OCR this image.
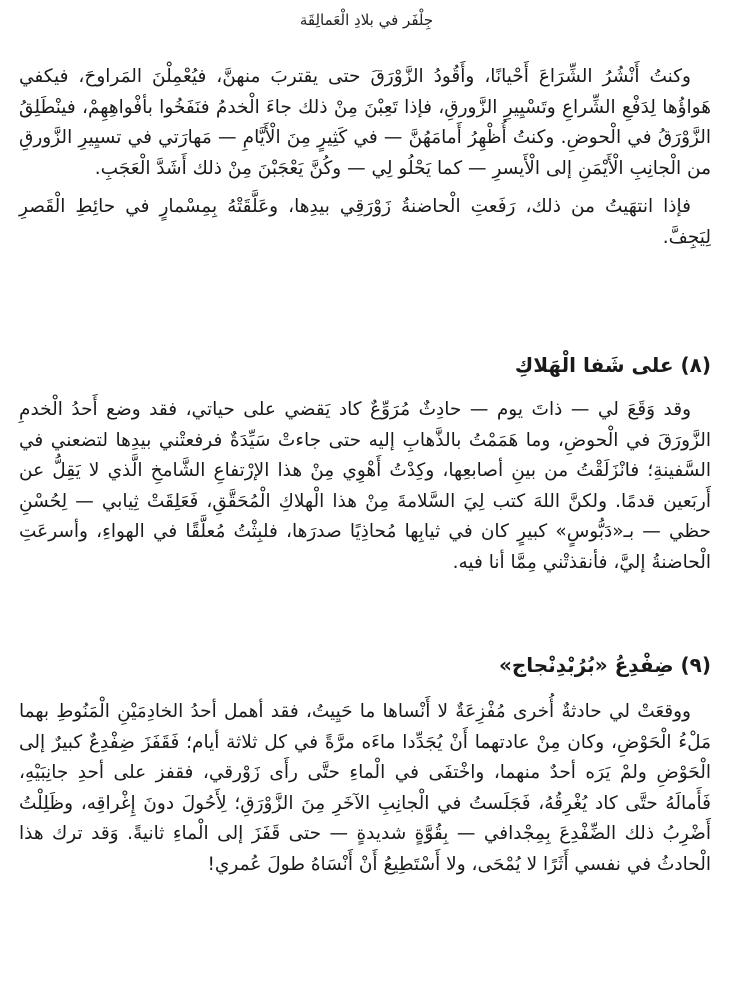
جِلْفَر في بلادِ الْعَمالِقَة

وكنتُ أَنْشُرُ الشِّرَاعَ أَحْيانًا، وأَقُودُ الزَّوْرَقَ حتى يقتربَ منهنَّ، فيُعْمِلْنَ المَراوحَ، فيكفي هَواؤُها لِدَفْعِ الشِّراعِ وتَسْيِيرِ الزَّورقِ، فإذا تَعِبْنَ مِنْ ذلك جاءَ الْخدمُ فنَفَخُوا بأفْواهِهِمْ، فينْطَلِقُ الزَّوْرَقُ في الْحوضِ. وكنتُ أُظْهِرُ أَمامَهُنَّ — في كَثِيرٍ مِنَ الْأَيَّامِ — مَهارَتي في تسيِيرِ الزَّورقِ من الْجانِبِ الْأَيْمَنِ إلى الْأَيسرِ — كما يَحْلُو لِي — وكُنَّ يَعْجَبْنَ مِنْ ذلك أَشَدَّ الْعَجَبِ.

فإذا انتهَيتُ من ذلك، رَفَعتِ الْحاضنةُ زَوْرَقِي بيدِها، وعَلَّقَتْهُ بِمِسْمارٍ في حائِطِ الْقَصرِ لِيَجِفَّ.

(٨) على شَفا الْهَلاكِ

وقد وَقَعَ لي — ذاتَ يوم — حادِثٌ مُرَوِّعٌ كاد يَقضي على حياتي، فقد وضع أَحدُ الْخدمِ الزَّورَقَ في الْحوضِ، وما هَمَمْتُ بالذَّهابِ إليه حتى جاءتْ سَيِّدَةٌ فرفعتْني بيدِها لتضعني في السَّفينةِ؛ فانْزَلَقْتُ من بينِ أصابعِها، وكِدْتُ أَهْوِي مِنْ هذا الإرْتفاعِ الشَّامخِ الَّذي لا يَقِلُّ عن أَربَعين قدمًا. ولكنَّ اللهَ كتب لِيَ السَّلامةَ مِنْ هذا الْهلاكِ الْمُحَقَّقِ، فَعَلِقَتْ ثِيابي — لِحُسْنِ حظي — بـ«دَبُّوسٍ» كبيرٍ كان في ثيابِها مُحاذِيًا صدرَها، فلبِثْتُ مُعلَّقًا في الهواءِ، وأسرعَتِ الْحاضنةُ إليَّ، فأنقذتْني مِمَّا أنا فيه.

(٩) ضِفْدِعُ «بُرُبْدِنْجاج»

ووقعَتْ لي حادثةٌ أُخرى مُفْزِعَةٌ لا أَنْساها ما حَيِيتُ، فقد أهمل أحدُ الخادِمَيْنِ الْمَنُوطِ بهما مَلْءُ الْحَوْضِ، وكان مِنْ عادتهما أَنْ يُجَدِّدا ماءَه مرَّةً في كل ثلاثة أيام؛ فَقَفَزَ ضِفْدِعٌ كبيرٌ إلى الْحَوْضِ ولمْ يَرَه أحدٌ منهما، واخْتفَى في الْماءِ حتَّى رأَى زَوْرقي، فقفز على أحدِ جانِبَيْهِ، فَأَمالَهُ حتَّى كاد يُغْرِقُهُ، فَجَلَستُ في الْجانِبِ الآخَرِ مِنَ الزَّوْرَقِ؛ لِأَحُولَ دونَ إِغْراقِه، وظَلِلْتُ أَضْرِبُ ذلك الضِّفْدِعَ بِمِجْدافي — بِقُوَّةٍ شديدةٍ — حتى قَفَزَ إلى الْماءِ ثانيةً. وَقد ترك هذا الْحادثُ في نفسي أَثَرًا لا يُمْحَى، ولا أَسْتَطِيعُ أَنْ أَنْسَاهُ طولَ عُمري!
